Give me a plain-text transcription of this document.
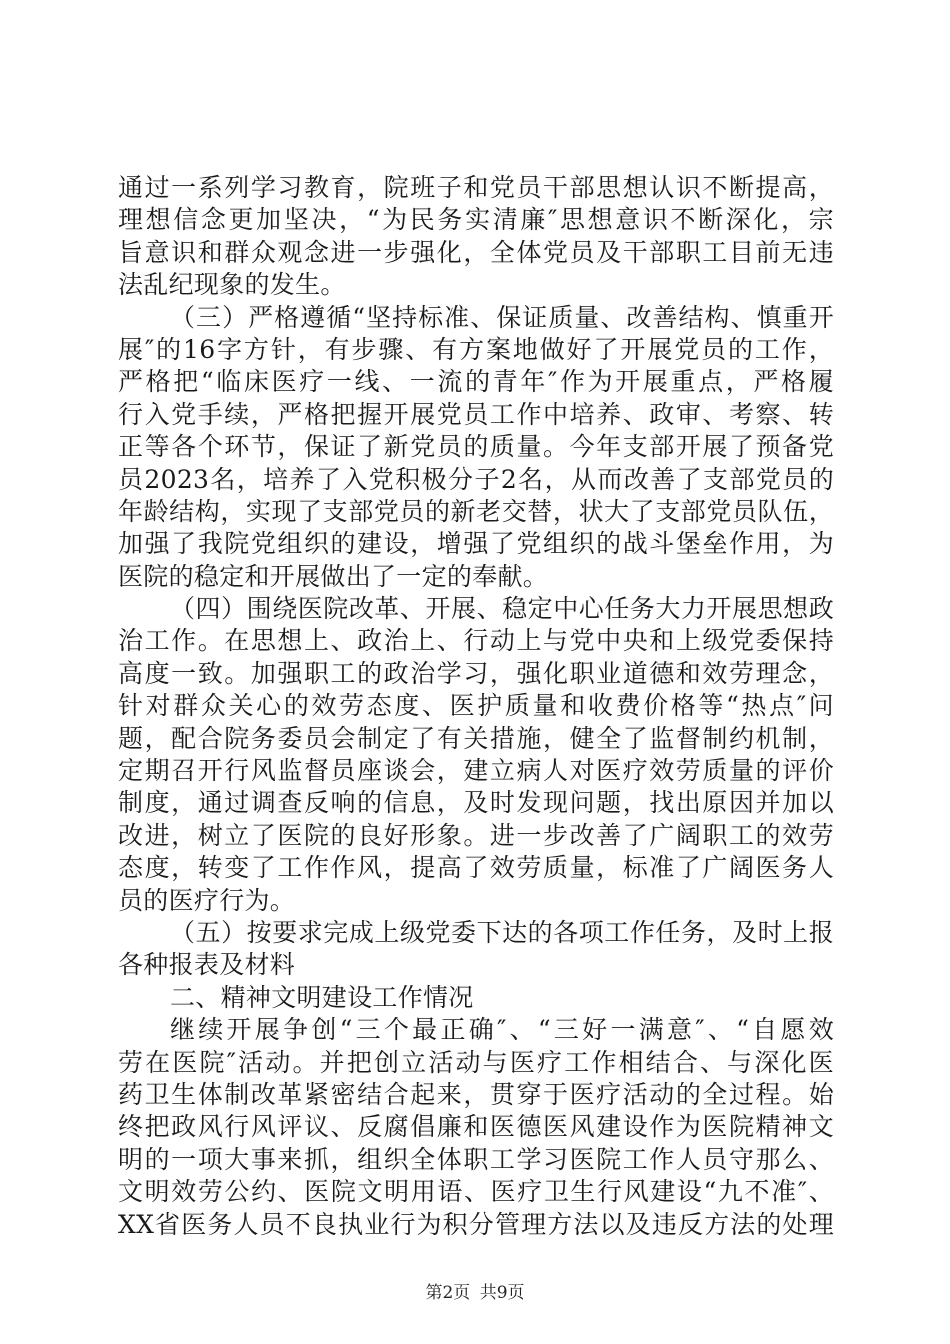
通过一系列学习教育，院班子和党员干部思想认识不断提高，
理想信念更加坚决，“为民务实清廉″思想意识不断深化，宗
旨意识和群众观念进一步强化，全体党员及干部职工目前无违
法乱纪现象的发生。
（三）严格遵循“坚持标准、保证质量、改善结构、慎重开
展″的16字方针，有步骤、有方案地做好了开展党员的工作，
严格把“临床医疗一线、一流的青年″作为开展重点，严格履
行入党手续，严格把握开展党员工作中培养、政审、考察、转
正等各个环节，保证了新党员的质量。今年支部开展了预备党
员2023名，培养了入党积极分子2名，从而改善了支部党员的
年龄结构，实现了支部党员的新老交替，状大了支部党员队伍，
加强了我院党组织的建设，增强了党组织的战斗堡垒作用，为
医院的稳定和开展做出了一定的奉献。
（四）围绕医院改革、开展、稳定中心任务大力开展思想政
治工作。在思想上、政治上、行动上与党中央和上级党委保持
高度一致。加强职工的政治学习，强化职业道德和效劳理念，
针对群众关心的效劳态度、医护质量和收费价格等“热点″问
题，配合院务委员会制定了有关措施，健全了监督制约机制，
定期召开行风监督员座谈会，建立病人对医疗效劳质量的评价
制度，通过调查反响的信息，及时发现问题，找出原因并加以
改进，树立了医院的良好形象。进一步改善了广阔职工的效劳
态度，转变了工作作风，提高了效劳质量，标准了广阔医务人
员的医疗行为。
（五）按要求完成上级党委下达的各项工作任务，及时上报
各种报表及材料
二、精神文明建设工作情况
继续开展争创“三个最正确″、“三好一满意″、“自愿效
劳在医院″活动。并把创立活动与医疗工作相结合、与深化医
药卫生体制改革紧密结合起来，贯穿于医疗活动的全过程。始
终把政风行风评议、反腐倡廉和医德医风建设作为医院精神文
明的一项大事来抓，组织全体职工学习医院工作人员守那么、
文明效劳公约、医院文明用语、医疗卫生行风建设“九不准″、
XX省医务人员不良执业行为积分管理方法以及违反方法的处理
第2页 共9页
